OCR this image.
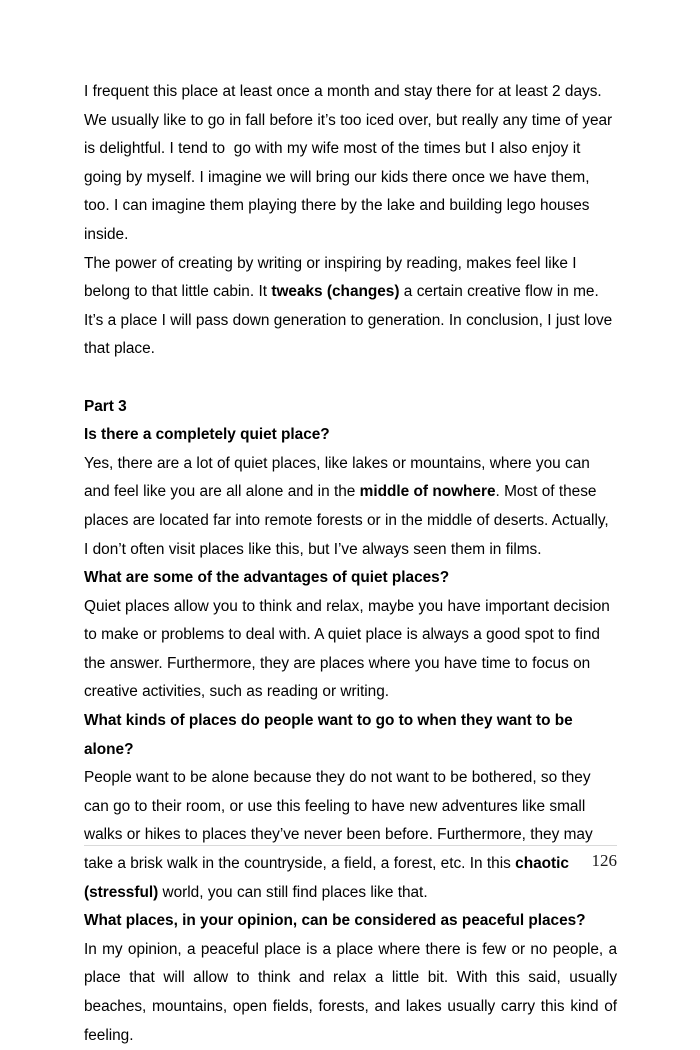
I frequent this place at least once a month and stay there for at least 2 days. We usually like to go in fall before it’s too iced over, but really any time of year is delightful. I tend to  go with my wife most of the times but I also enjoy it going by myself. I imagine we will bring our kids there once we have them, too. I can imagine them playing there by the lake and building lego houses inside.

The power of creating by writing or inspiring by reading, makes feel like I belong to that little cabin. It tweaks (changes) a certain creative flow in me.  It’s a place I will pass down generation to generation. In conclusion, I just love that place.

Part 3
Is there a completely quiet place?

Yes, there are a lot of quiet places, like lakes or mountains, where you can and feel like you are all alone and in the middle of nowhere. Most of these places are located far into remote forests or in the middle of deserts. Actually, I don’t often visit places like this, but I’ve always seen them in films.

What are some of the advantages of quiet places?

Quiet places allow you to think and relax, maybe you have important decision to make or problems to deal with. A quiet place is always a good spot to find the answer. Furthermore, they are places where you have time to focus on creative activities, such as reading or writing.

What kinds of places do people want to go to when they want to be alone?

People want to be alone because they do not want to be bothered, so they can go to their room, or use this feeling to have new adventures like small walks or hikes to places they’ve never been before. Furthermore, they may take a brisk walk in the countryside, a field, a forest, etc. In this chaotic (stressful) world, you can still find places like that.

What places, in your opinion, can be considered as peaceful places?

In my opinion, a peaceful place is a place where there is few or no people, a place that will allow to think and relax a little bit. With this said, usually beaches, mountains, open fields, forests, and lakes usually carry this kind of feeling.

126
